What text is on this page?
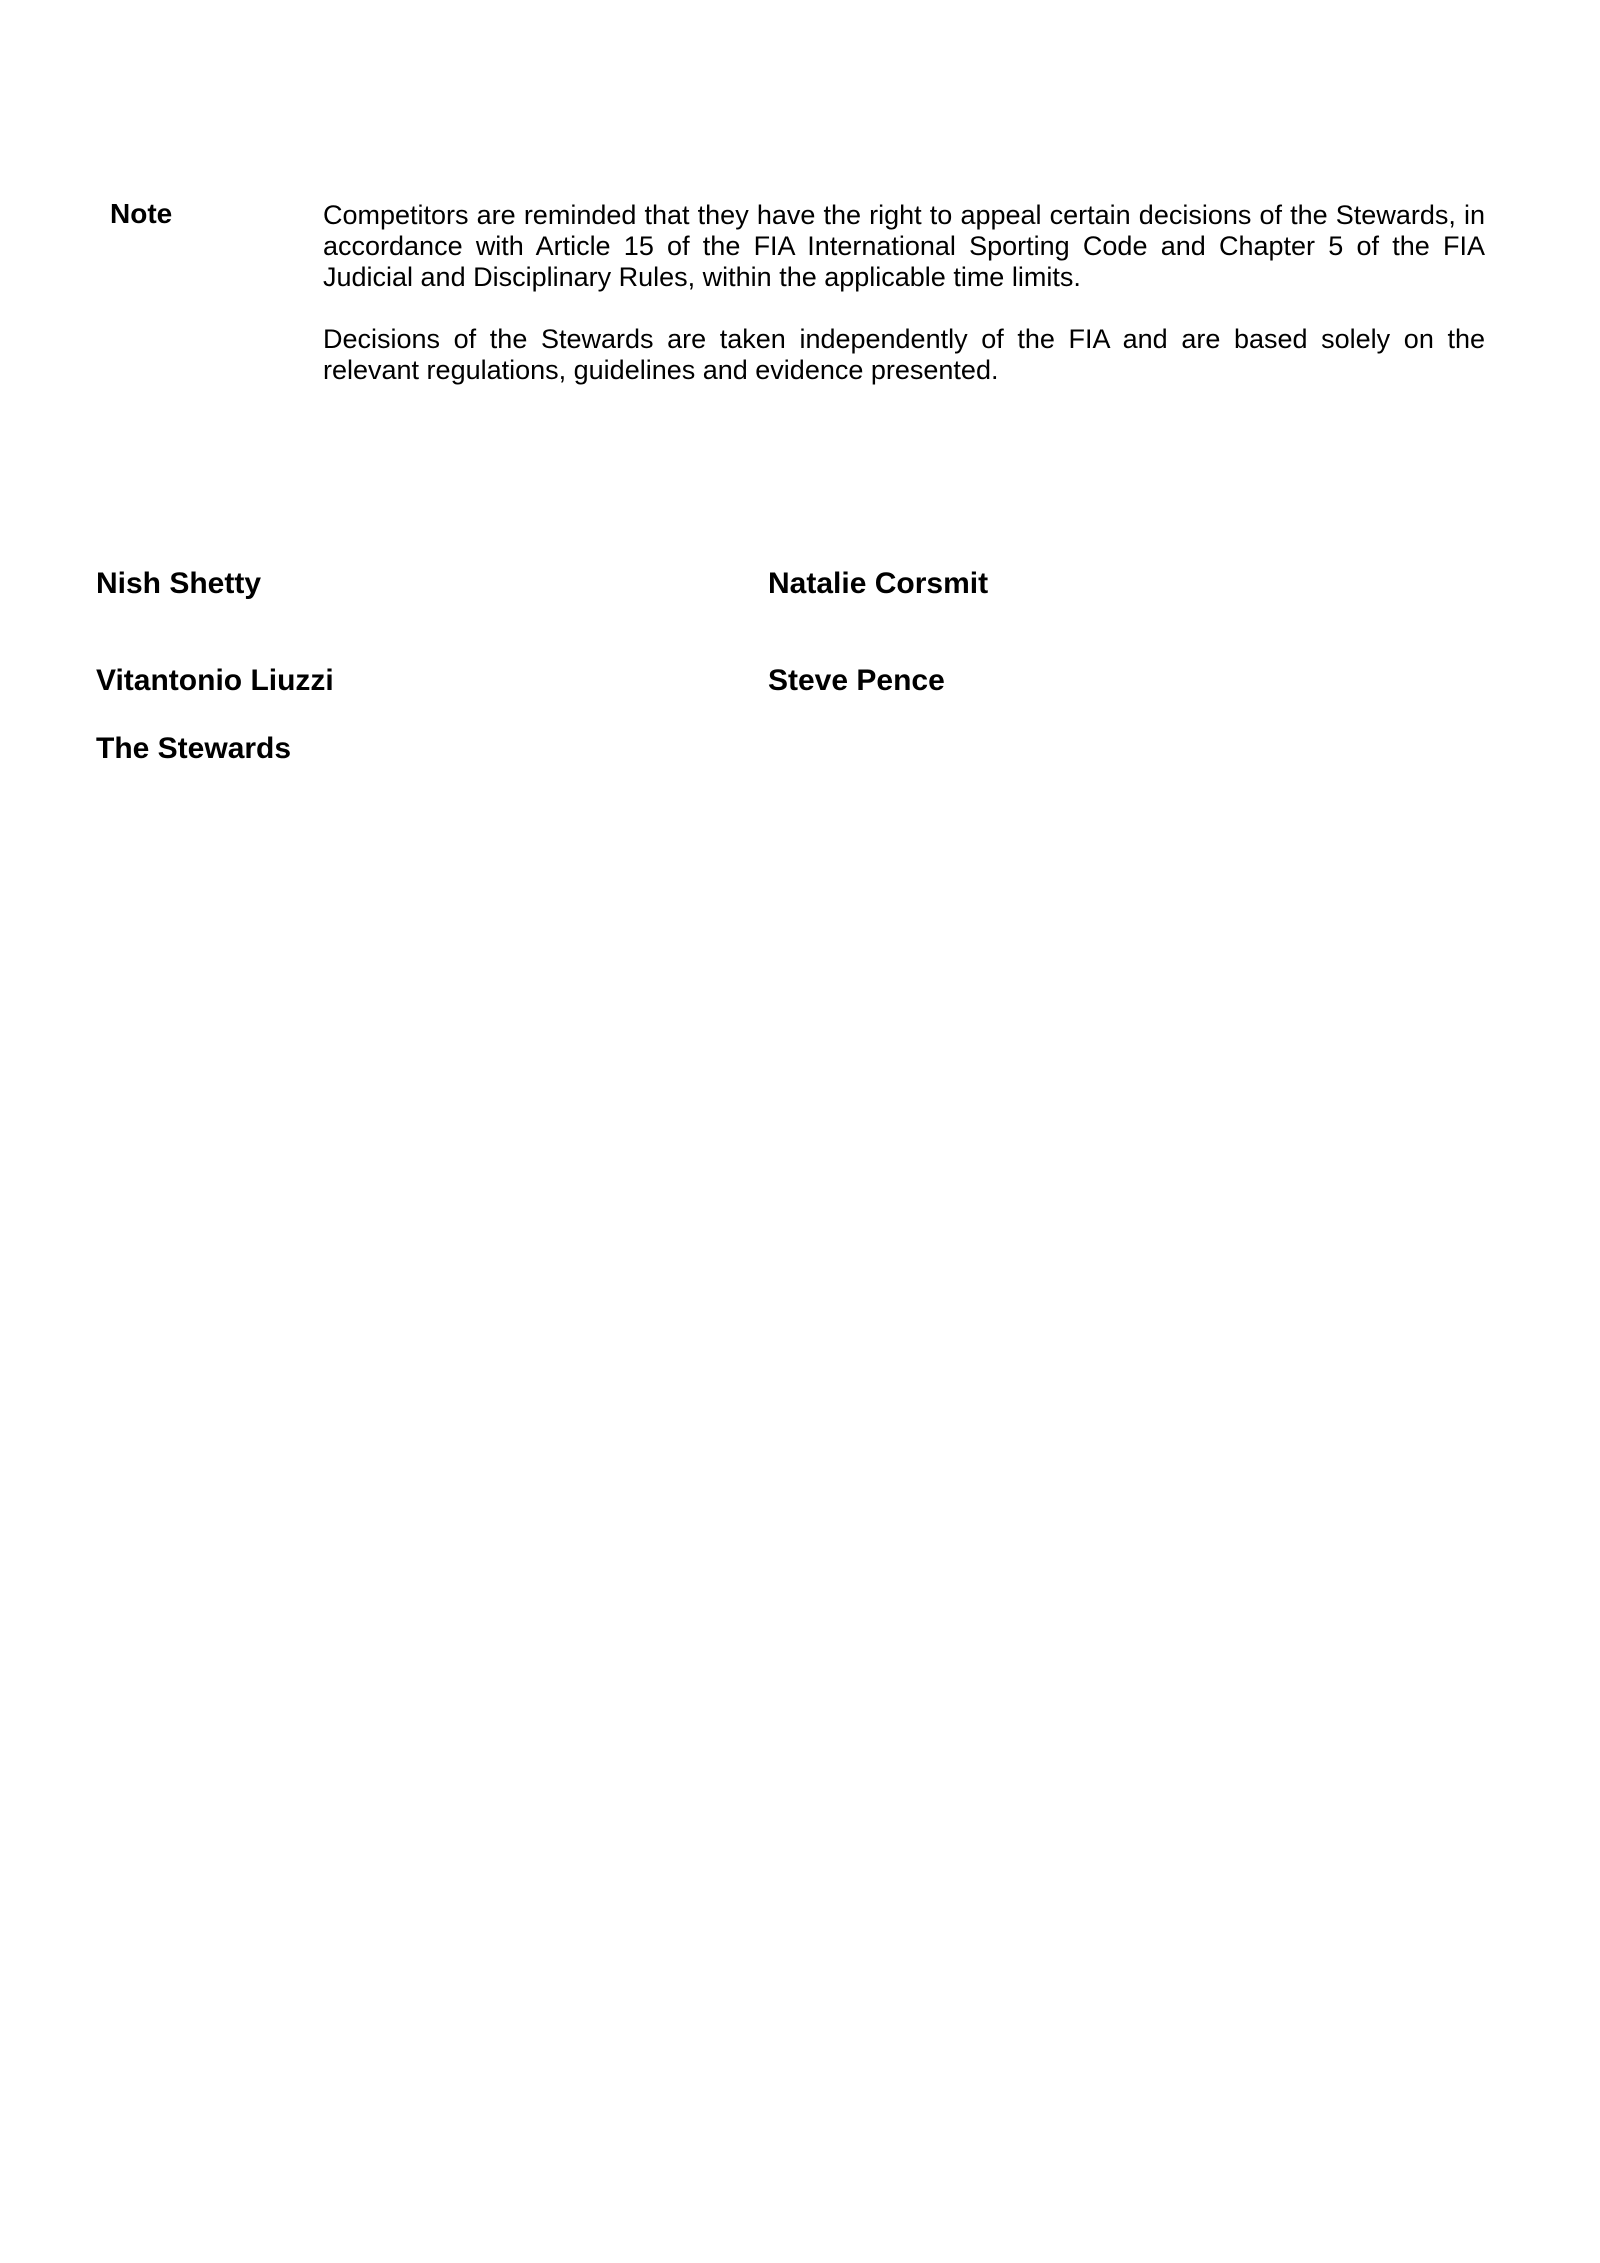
Note	Competitors are reminded that they have the right to appeal certain decisions of the Stewards, in accordance with Article 15 of the FIA International Sporting Code and Chapter 5 of the FIA Judicial and Disciplinary Rules, within the applicable time limits.

Decisions of the Stewards are taken independently of the FIA and are based solely on the relevant regulations, guidelines and evidence presented.

Nish Shetty	Natalie Corsmit
Vitantonio Liuzzi	Steve Pence
The Stewards
